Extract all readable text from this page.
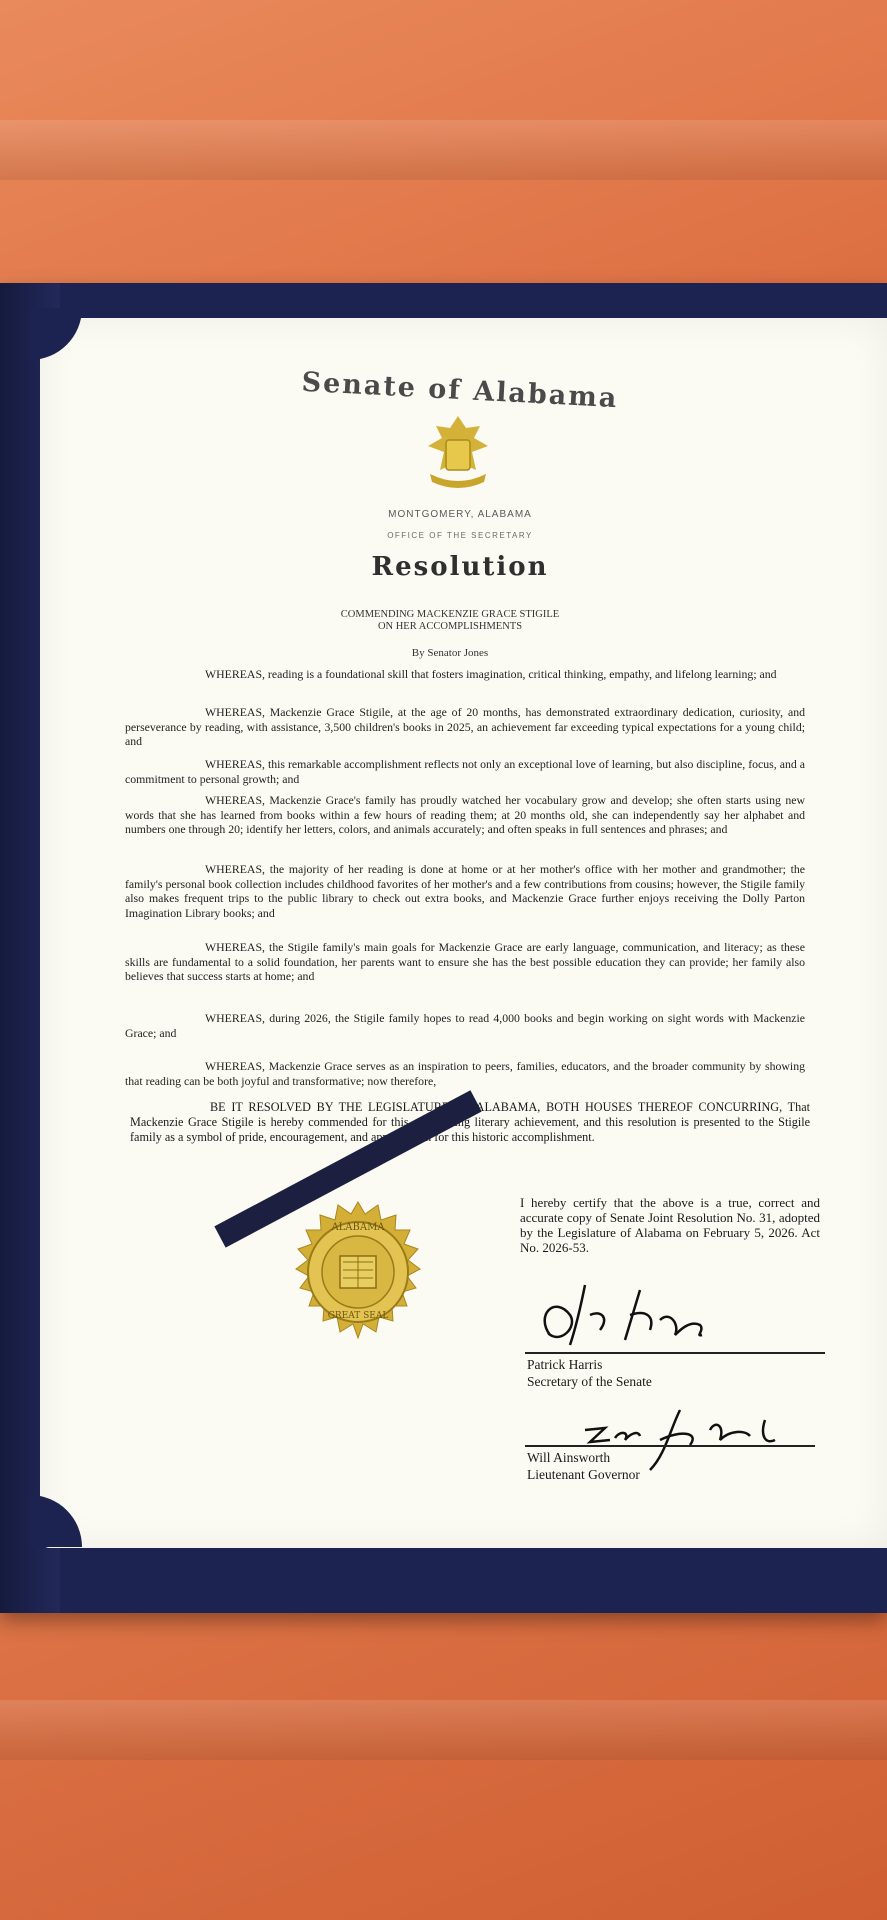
Senate of Alabama
MONTGOMERY, ALABAMA
OFFICE OF THE SECRETARY
Resolution
COMMENDING MACKENZIE GRACE STIGILE
ON HER ACCOMPLISHMENTS
By Senator Jones

WHEREAS, reading is a foundational skill that fosters imagination, critical thinking, empathy, and lifelong learning; and

WHEREAS, Mackenzie Grace Stigile, at the age of 20 months, has demonstrated extraordinary dedication, curiosity, and perseverance by reading, with assistance, 3,500 children's books in 2025, an achievement far exceeding typical expectations for a young child; and

WHEREAS, this remarkable accomplishment reflects not only an exceptional love of learning, but also discipline, focus, and a commitment to personal growth; and

WHEREAS, Mackenzie Grace's family has proudly watched her vocabulary grow and develop; she often starts using new words that she has learned from books within a few hours of reading them; at 20 months old, she can independently say her alphabet and numbers one through 20; identify her letters, colors, and animals accurately; and often speaks in full sentences and phrases; and

WHEREAS, the majority of her reading is done at home or at her mother's office with her mother and grandmother; the family's personal book collection includes childhood favorites of her mother's and a few contributions from cousins; however, the Stigile family also makes frequent trips to the public library to check out extra books, and Mackenzie Grace further enjoys receiving the Dolly Parton Imagination Library books; and

WHEREAS, the Stigile family's main goals for Mackenzie Grace are early language, communication, and literacy; as these skills are fundamental to a solid foundation, her parents want to ensure she has the best possible education they can provide; her family also believes that success starts at home; and

WHEREAS, during 2026, the Stigile family hopes to read 4,000 books and begin working on sight words with Mackenzie Grace; and

WHEREAS, Mackenzie Grace serves as an inspiration to peers, families, educators, and the broader community by showing that reading can be both joyful and transformative; now therefore,

BE IT RESOLVED BY THE LEGISLATURE OF ALABAMA, BOTH HOUSES THEREOF CONCURRING, That Mackenzie Grace Stigile is hereby commended for this outstanding literary achievement, and this resolution is presented to the Stigile family as a symbol of pride, encouragement, and appreciation for this historic accomplishment.
ALABAMA
GREAT SEAL
I hereby certify that the above is a true, correct and accurate copy of Senate Joint Resolution No. 31, adopted by the Legislature of Alabama on February 5, 2026. Act No. 2026-53.
Patrick Harris
Secretary of the Senate
Will Ainsworth
Lieutenant Governor
